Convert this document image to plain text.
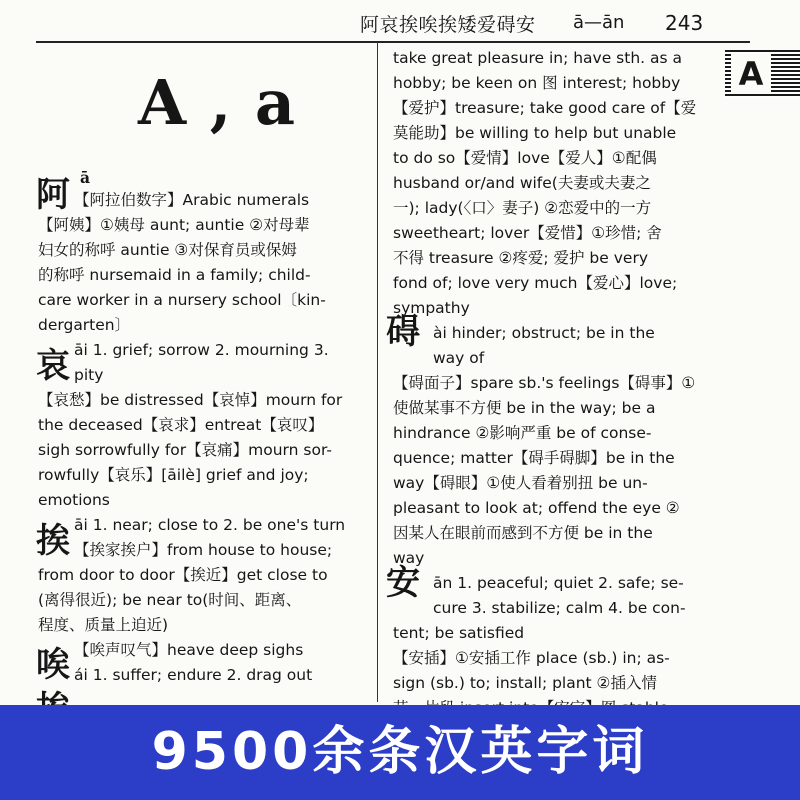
阿哀挨唉挨矮爱碍安 ā—ān 243
A
A , a
阿 ā
哀
挨
唉
【阿拉伯数字】Arabic numerals
【阿姨】①姨母 aunt; auntie ②对母辈
妇女的称呼 auntie ③对保育员或保姆
的称呼 nursemaid in a family; child-
care worker in a nursery school〔kin-
dergarten〕
āi 1. grief; sorrow 2. mourning 3.
pity
【哀愁】be distressed【哀悼】mourn for
the deceased【哀求】entreat【哀叹】
sigh sorrowfully for【哀痛】mourn sor-
rowfully【哀乐】[āilè] grief and joy;
emotions
āi 1. near; close to 2. be one's turn
【挨家挨户】from house to house;
from door to door【挨近】get close to
(离得很近); be near to(时间、距离、
程度、质量上迫近)
【唉声叹气】heave deep sighs
ái 1. suffer; endure 2. drag out
碍
安
take great pleasure in; have sth. as a
hobby; be keen on 图 interest; hobby
【爱护】treasure; take good care of【爱
莫能助】be willing to help but unable
to do so【爱情】love【爱人】①配偶
husband or/and wife(夫妻或夫妻之
一); lady(〈口〉妻子) ②恋爱中的一方
sweetheart; lover【爱惜】①珍惜; 舍
不得 treasure ②疼爱; 爱护 be very
fond of; love very much【爱心】love;
sympathy
ài hinder; obstruct; be in the
way of
【碍面子】spare sb.'s feelings【碍事】①
使做某事不方便 be in the way; be a
hindrance ②影响严重 be of conse-
quence; matter【碍手碍脚】be in the
way【碍眼】①使人看着别扭 be un-
pleasant to look at; offend the eye ②
因某人在眼前而感到不方便 be in the
way
ān 1. peaceful; quiet 2. safe; se-
cure 3. stabilize; calm 4. be con-
tent; be satisfied
【安插】①安插工作 place (sb.) in; as-
sign (sb.) to; install; plant ②插入情
9500余条汉英字词
